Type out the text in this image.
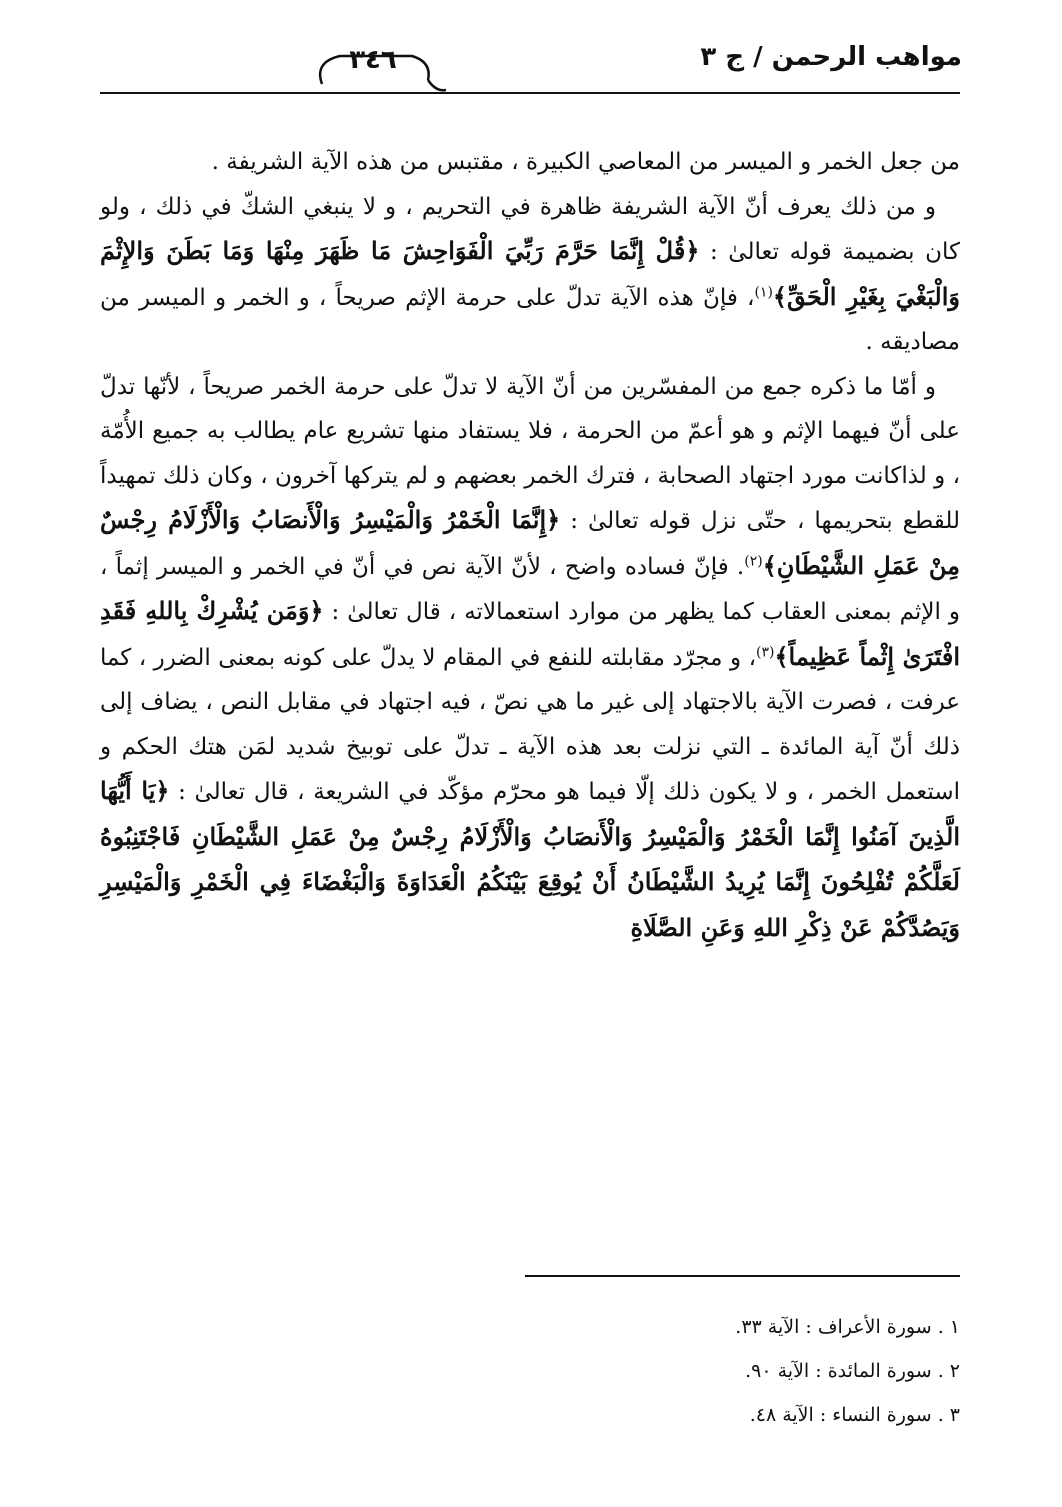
٣٤٦	مواهب الرحمن / ج ٣

من جعل الخمر و الميسر من المعاصي الكبيرة ، مقتبس من هذه الآية الشريفة .

و من ذلك يعرف أنّ الآية الشريفة ظاهرة في التحريم ، و لا ينبغي الشكّ في ذلك ، ولو كان بضميمة قوله تعالىٰ : ﴿قُلْ إِنَّمَا حَرَّمَ رَبِّيَ الْفَوَاحِشَ مَا ظَهَرَ مِنْهَا وَمَا بَطَنَ وَالإِثْمَ وَالْبَغْيَ بِغَيْرِ الْحَقِّ﴾$^{(١)}$، فإنّ هذه الآية تدلّ على حرمة الإثم صريحاً ، و الخمر و الميسر من مصاديقه .

و أمّا ما ذكره جمع من المفسّرين من أنّ الآية لا تدلّ على حرمة الخمر صريحاً ، لأنّها تدلّ على أنّ فيهما الإثم و هو أعمّ من الحرمة ، فلا يستفاد منها تشريع عام يطالب به جميع الأُمّة ، و لذاكانت مورد اجتهاد الصحابة ، فترك الخمر بعضهم و لم يتركها آخرون ، وكان ذلك تمهيداً للقطع بتحريمها ، حتّى نزل قوله تعالىٰ : ﴿إِنَّمَا الْخَمْرُ وَالْمَيْسِرُ وَالْأَنصَابُ وَالْأَزْلَامُ رِجْسٌ مِنْ عَمَلِ الشَّيْطَانِ﴾$^{(٢)}$. فإنّ فساده واضح ، لأنّ الآية نص في أنّ في الخمر و الميسر إثماً ، و الإثم بمعنى العقاب كما يظهر من موارد استعمالاته ، قال تعالىٰ : ﴿وَمَن يُشْرِكْ بِاللهِ فَقَدِ افْتَرَىٰ إِثْماً عَظِيماً﴾$^{(٣)}$، و مجرّد مقابلته للنفع في المقام لا يدلّ على كونه بمعنى الضرر ، كما عرفت ، فصرت الآية بالاجتهاد إلى غير ما هي نصّ ، فيه اجتهاد في مقابل النص ، يضاف إلى ذلك أنّ آية المائدة ـ التي نزلت بعد هذه الآية ـ تدلّ على توبيخ شديد لمَن هتك الحكم و استعمل الخمر ، و لا يكون ذلك إلّا فيما هو محرّم مؤكّد في الشريعة ، قال تعالىٰ : ﴿يَا أَيُّهَا الَّذِينَ آمَنُوا إِنَّمَا الْخَمْرُ وَالْمَيْسِرُ وَالْأَنصَابُ وَالْأَزْلَامُ رِجْسٌ مِنْ عَمَلِ الشَّيْطَانِ فَاجْتَنِبُوهُ لَعَلَّكُمْ تُفْلِحُونَ إِنَّمَا يُرِيدُ الشَّيْطَانُ أَنْ يُوقِعَ بَيْنَكُمُ الْعَدَاوَةَ وَالْبَغْضَاءَ فِي الْخَمْرِ وَالْمَيْسِرِ وَيَصُدَّكُمْ عَنْ ذِكْرِ اللهِ وَعَنِ الصَّلَاةِ

١ . سورة الأعراف : الآية ٣٣.
٢ . سورة المائدة : الآية ٩٠.
٣ . سورة النساء : الآية ٤٨.
